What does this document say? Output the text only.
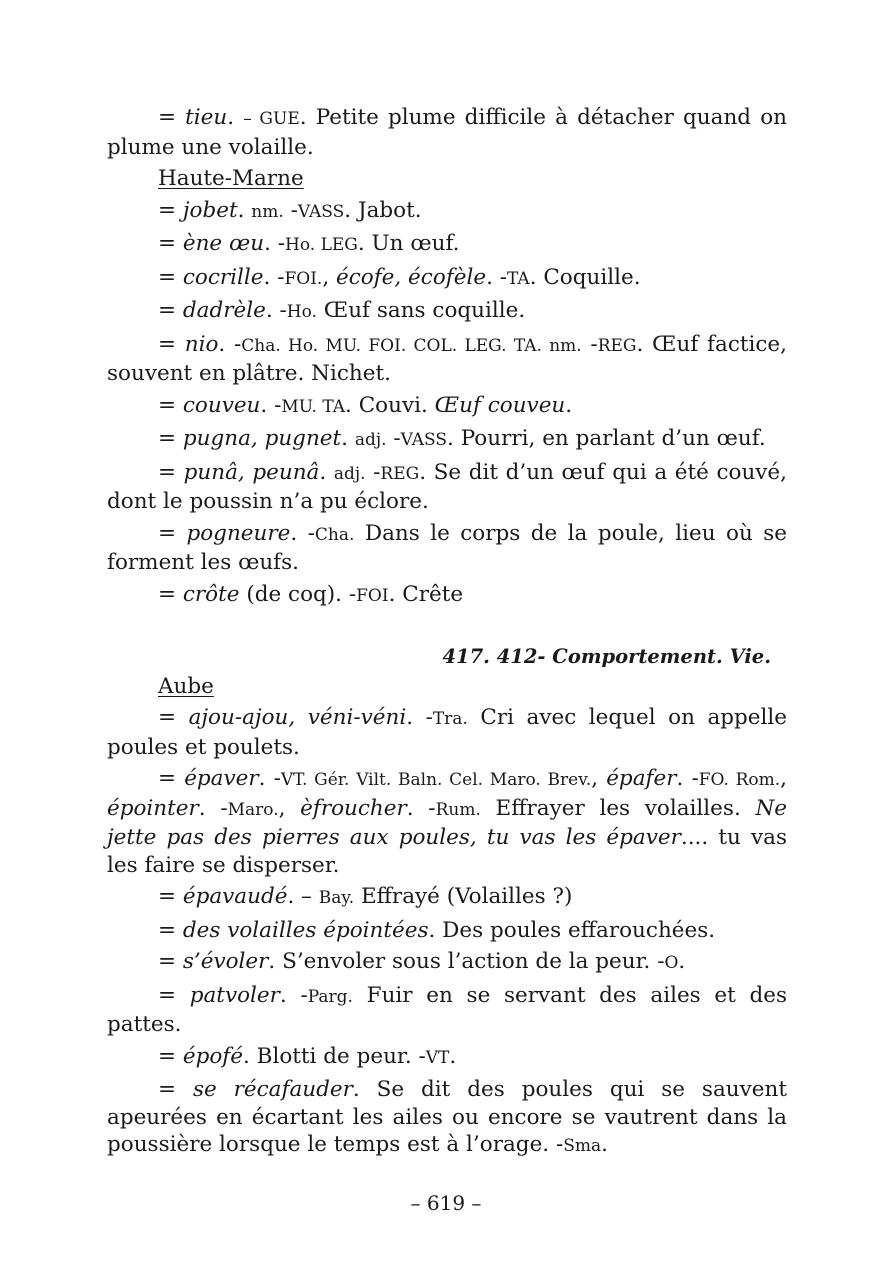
= tieu. – GUE. Petite plume difficile à détacher quand on plume une volaille.

Haute-Marne

= jobet. nm. -VASS. Jabot.

= ène œu. -Ho. LEG. Un œuf.

= cocrille. -FOI., écofe, écofèle. -TA. Coquille.

= dadrèle. -Ho. Œuf sans coquille.

= nio. -Cha. Ho. MU. FOI. COL. LEG. TA. nm. -REG. Œuf factice, souvent en plâtre. Nichet.

= couveu. -MU. TA. Couvi. Œuf couveu.

= pugna, pugnet. adj. -VASS. Pourri, en parlant d’un œuf.

= punâ, peunâ. adj. -REG. Se dit d’un œuf qui a été couvé, dont le poussin n’a pu éclore.

= pogneure. -Cha. Dans le corps de la poule, lieu où se forment les œufs.

= crôte (de coq). -FOI. Crête

417. 412- Comportement. Vie.
Aube

= ajou-ajou, véni-véni. -Tra. Cri avec lequel on appelle poules et poulets.

= épaver. -VT. Gér. Vilt. Baln. Cel. Maro. Brev., épafer. -FO. Rom., épointer. -Maro., èfroucher. -Rum. Effrayer les volailles. Ne jette pas des pierres aux poules, tu vas les épaver.... tu vas les faire se disperser.

= épavaudé. – Bay. Effrayé (Volailles ?)

= des volailles épointées. Des poules effarouchées.

= s’évoler. S’envoler sous l’action de la peur. -O.

= patvoler. -Parg. Fuir en se servant des ailes et des pattes.

= épofé. Blotti de peur. -VT.

= se récafauder. Se dit des poules qui se sauvent apeurées en écartant les ailes ou encore se vautrent dans la poussière lorsque le temps est à l’orage. -Sma.

– 619 –
